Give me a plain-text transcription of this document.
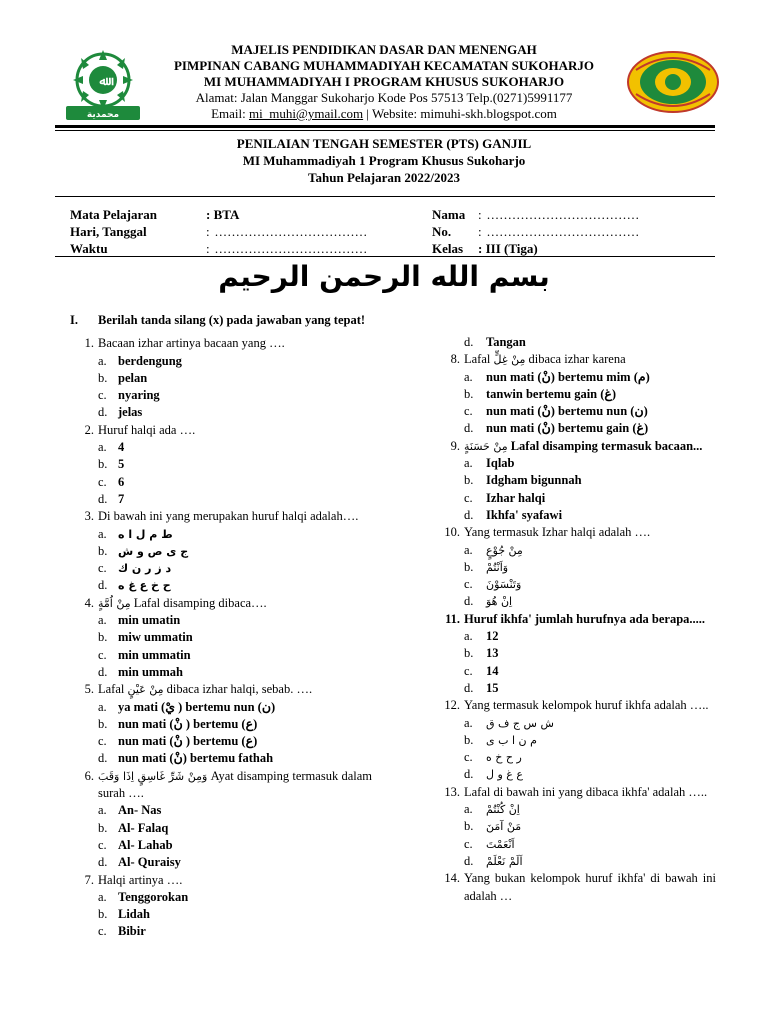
ﷲ
محمدية
MAJELIS PENDIDIKAN DASAR DAN MENENGAH
PIMPINAN CABANG MUHAMMADIYAH KECAMATAN SUKOHARJO
MI MUHAMMADIYAH I PROGRAM KHUSUS SUKOHARJO
Alamat: Jalan Manggar Sukoharjo Kode Pos 57513 Telp.(0271)5991177
Email: mi_muhi@ymail.com | Website: mimuhi-skh.blogspot.com
PENILAIAN TENGAH SEMESTER (PTS) GANJIL
MI Muhammadiyah 1 Program Khusus Sukoharjo
Tahun Pelajaran 2022/2023
Mata Pelajaran	: BTA
Hari, Tanggal	: ....................................
Waktu	: ....................................
Nama : ....................................
No. : ....................................
Kelas : III (Tiga)
بسم الله الرحمن الرحيم
I. Berilah tanda silang (x) pada jawaban yang tepat!
1. Bacaan izhar artinya bacaan yang ….
a. berdengung
b. pelan
c. nyaring
d. jelas
2. Huruf halqi ada ….
a. 4
b. 5
c. 6
d. 7
3. Di bawah ini yang merupakan huruf halqi adalah….
a. ط م ل ا ه
b. ج ى ص و ش
c. د ز ر ن ك
d. ح خ ع غ ه
4. مِنْ اُمَّةٍ Lafal disamping dibaca….
a. min umatin
b. miw ummatin
c. min ummatin
d. min ummah
5. Lafal مِنْ عَيْنٍ dibaca izhar halqi, sebab. ….
a. ya mati (يْ ) bertemu nun (ن)
b. nun mati (نْ ) bertemu (ع)
c. nun mati (نْ ) bertemu (ع)
d. nun mati (نْ) bertemu fathah
6. وَمِنْ شَرِّ غَاسِقٍ اِذَا وَقَبَ Ayat disamping termasuk dalam surah ….
a. An- Nas
b. Al- Falaq
c. Al- Lahab
d. Al- Quraisy
7. Halqi artinya ….
a. Tenggorokan
b. Lidah
c. Bibir
d. Tangan
8. Lafal مِنْ غِلٍّ dibaca izhar karena
a. nun mati (نْ) bertemu mim (م)
b. tanwin bertemu gain (غ)
c. nun mati (نْ) bertemu nun (ن)
d. nun mati (نْ) bertemu gain (غ)
9. مِنْ حَسَنَةٍ Lafal disamping termasuk bacaan...
a. Iqlab
b. Idgham bigunnah
c. Izhar halqi
d. Ikhfa' syafawi
10. Yang termasuk Izhar halqi adalah ….
a. مِنْ جُوْعٍ
b. وَاَنْتُمْ
c. وَتَنْسَوْنَ
d. اِنْ هُوَ
11. Huruf ikhfa' jumlah hurufnya ada berapa.....
a. 12
b. 13
c. 14
d. 15
12. Yang termasuk kelompok huruf ikhfa adalah …..
a. ش س ج ف ق
b. م ن ا ب ى
c. ر ح خ ه
d. ع غ و ل
13. Lafal di bawah ini yang dibaca ikhfa' adalah …..
a. اِنْ كُنْتُمْ
b. مَنْ آمَنَ
c. اَنْعَمْتَ
d. اَلَمْ نَعْلَمْ
14. Yang bukan kelompok huruf ikhfa' di bawah ini adalah …
